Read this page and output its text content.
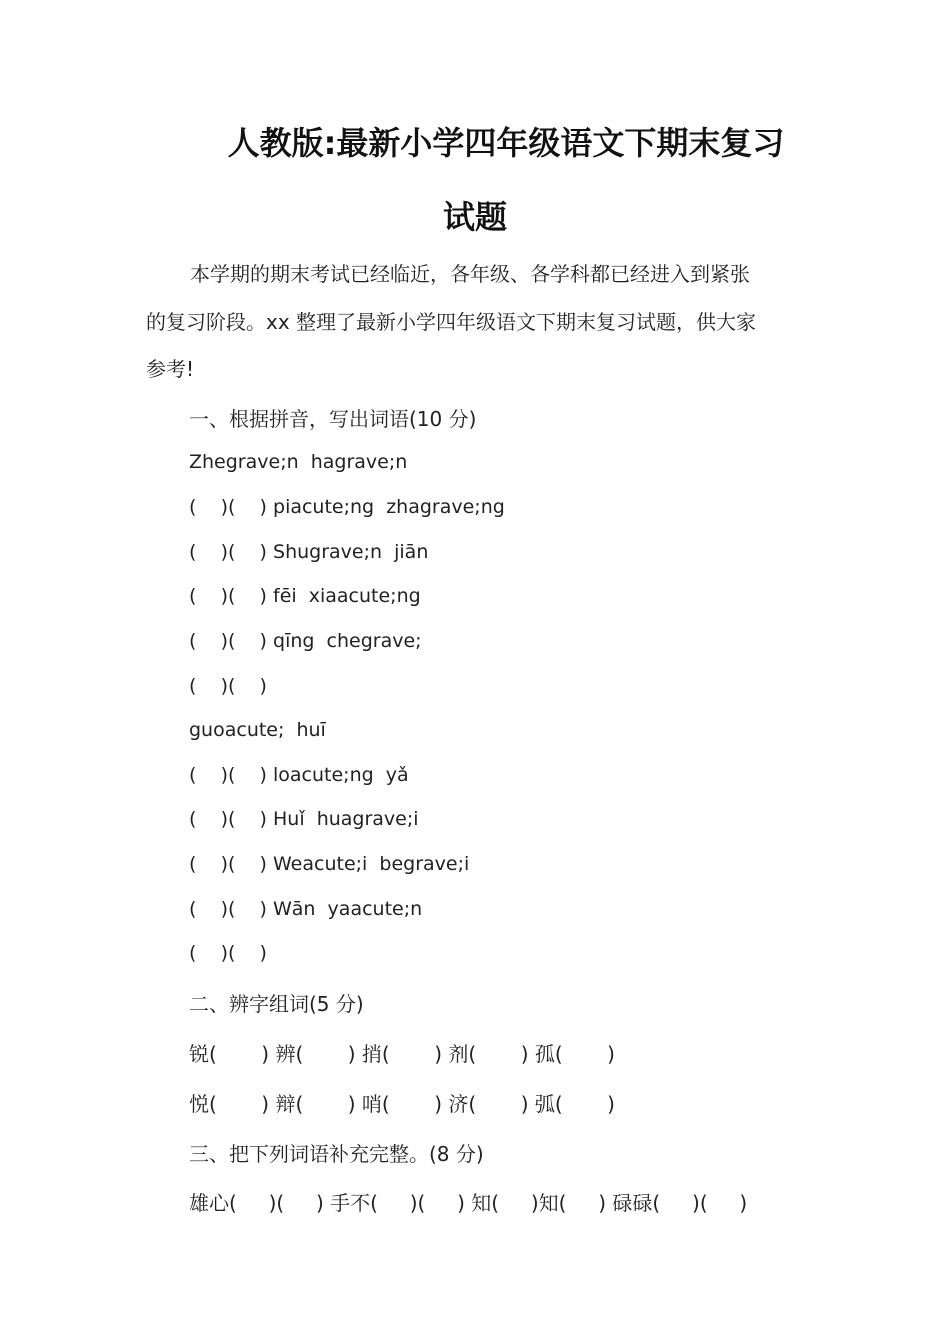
人教版:最新小学四年级语文下期末复习
试题
本学期的期末考试已经临近，各年级、各学科都已经进入到紧张
的复习阶段。xx 整理了最新小学四年级语文下期末复习试题，供大家
参考!
一、根据拼音，写出词语(10 分)
Zhegrave;n  hagrave;n
(    )(    ) piacute;ng  zhagrave;ng
(    )(    ) Shugrave;n  jiān
(    )(    ) fēi  xiaacute;ng
(    )(    ) qīng  chegrave;
(    )(    )
guoacute;  huī
(    )(    ) loacute;ng  yǎ
(    )(    ) Huǐ  huagrave;i
(    )(    ) Weacute;i  begrave;i
(    )(    ) Wān  yaacute;n
(    )(    )
二、辨字组词(5 分)
锐(       ) 辨(       ) 捎(       ) 剂(       ) 孤(       )
悦(       ) 辩(       ) 哨(       ) 济(       ) 弧(       )
三、把下列词语补充完整。(8 分)
雄心(     )(     ) 手不(     )(     ) 知(     )知(     ) 碌碌(     )(     )
